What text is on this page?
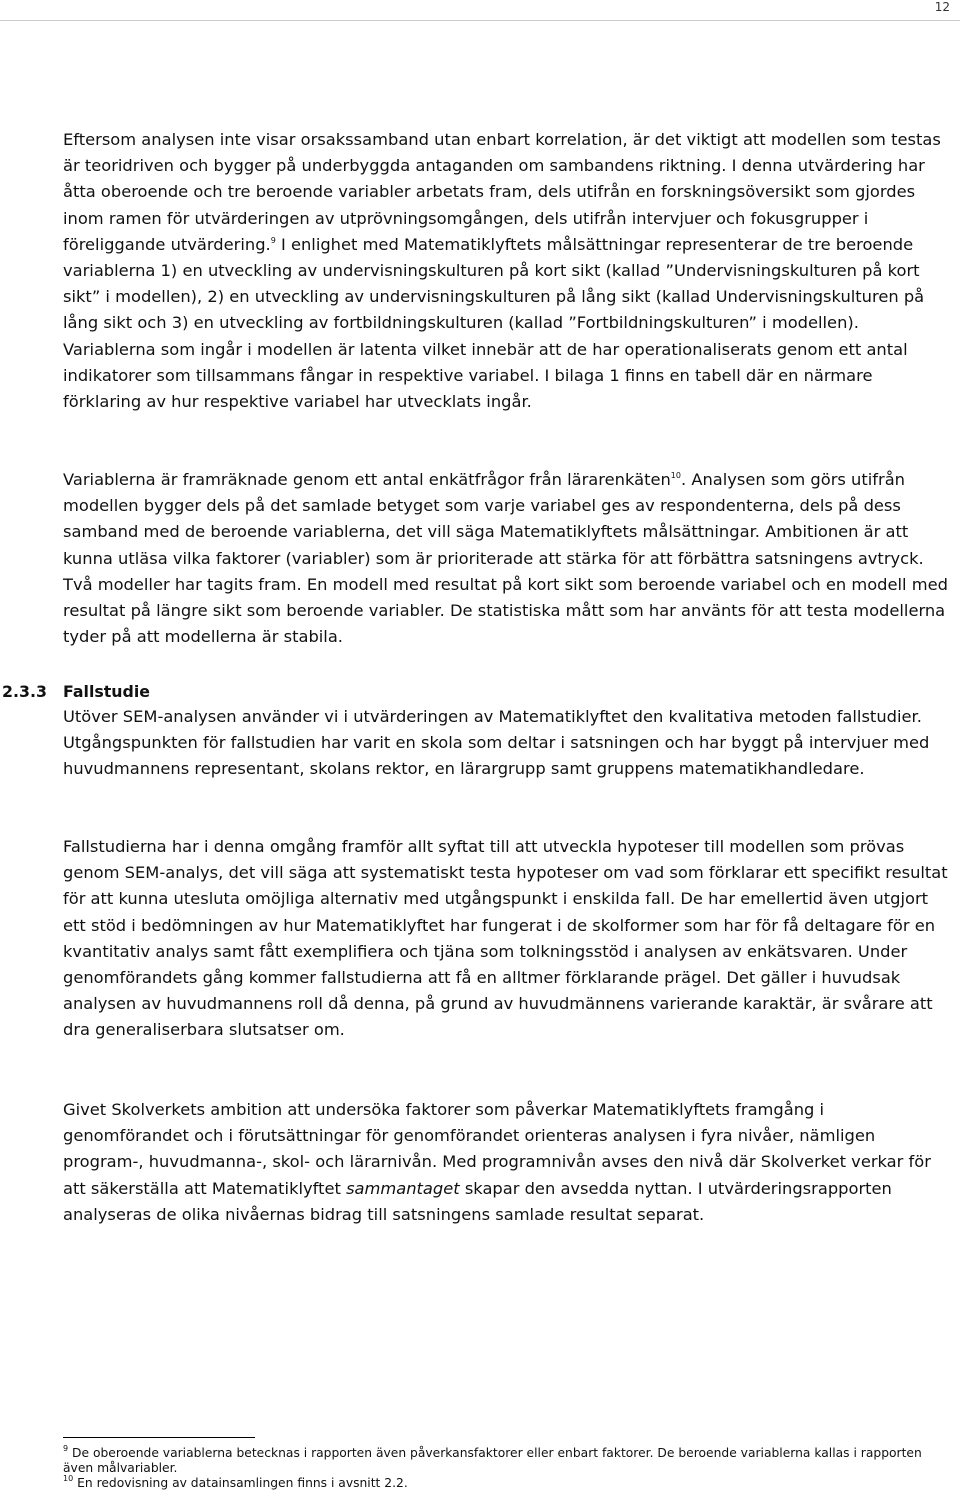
12

Eftersom analysen inte visar orsakssamband utan enbart korrelation, är det viktigt att modellen som testas är teoridriven och bygger på underbyggda antaganden om sambandens riktning. I denna utvärdering har åtta oberoende och tre beroende variabler arbetats fram, dels utifrån en forskningsöversikt som gjordes inom ramen för utvärderingen av utprövningsomgången, dels utifrån intervjuer och fokusgrupper i föreliggande utvärdering.$^9$ I enlighet med Matematiklyftets målsättningar representerar de tre beroende variablerna 1) en utveckling av undervisningskulturen på kort sikt (kallad ”Undervisningskulturen på kort sikt” i modellen), 2) en utveckling av undervisningskulturen på lång sikt (kallad Undervisningskulturen på lång sikt och 3) en utveckling av fortbildningskulturen (kallad ”Fortbildningskulturen” i modellen). Variablerna som ingår i modellen är latenta vilket innebär att de har operationaliserats genom ett antal indikatorer som tillsammans fångar in respektive variabel. I bilaga 1 finns en tabell där en närmare förklaring av hur respektive variabel har utvecklats ingår.

Variablerna är framräknade genom ett antal enkätfrågor från lärarenkäten$^{10}$. Analysen som görs utifrån modellen bygger dels på det samlade betyget som varje variabel ges av respondenterna, dels på dess samband med de beroende variablerna, det vill säga Matematiklyftets målsättningar. Ambitionen är att kunna utläsa vilka faktorer (variabler) som är prioriterade att stärka för att förbättra satsningens avtryck. Två modeller har tagits fram. En modell med resultat på kort sikt som beroende variabel och en modell med resultat på längre sikt som beroende variabler. De statistiska mått som har använts för att testa modellerna tyder på att modellerna är stabila.

2.3.3 Fallstudie

Utöver SEM-analysen använder vi i utvärderingen av Matematiklyftet den kvalitativa metoden fallstudier. Utgångspunkten för fallstudien har varit en skola som deltar i satsningen och har byggt på intervjuer med huvudmannens representant, skolans rektor, en lärargrupp samt gruppens matematikhandledare.

Fallstudierna har i denna omgång framför allt syftat till att utveckla hypoteser till modellen som prövas genom SEM-analys, det vill säga att systematiskt testa hypoteser om vad som förklarar ett specifikt resultat för att kunna utesluta omöjliga alternativ med utgångspunkt i enskilda fall. De har emellertid även utgjort ett stöd i bedömningen av hur Matematiklyftet har fungerat i de skolformer som har för få deltagare för en kvantitativ analys samt fått exemplifiera och tjäna som tolkningsstöd i analysen av enkätsvaren. Under genomförandets gång kommer fallstudierna att få en alltmer förklarande prägel. Det gäller i huvudsak analysen av huvudmannens roll då denna, på grund av huvudmännens varierande karaktär, är svårare att dra generaliserbara slutsatser om.

Givet Skolverkets ambition att undersöka faktorer som påverkar Matematiklyftets framgång i genomförandet och i förutsättningar för genomförandet orienteras analysen i fyra nivåer, nämligen program-, huvudmanna-, skol- och lärarnivån. Med programnivån avses den nivå där Skolverket verkar för att säkerställa att Matematiklyftet sammantaget skapar den avsedda nyttan. I utvärderingsrapporten analyseras de olika nivåernas bidrag till satsningens samlade resultat separat.

$^9$ De oberoende variablerna betecknas i rapporten även påverkansfaktorer eller enbart faktorer. De beroende variablerna kallas i rapporten även målvariabler.

$^{10}$ En redovisning av datainsamlingen finns i avsnitt 2.2.
